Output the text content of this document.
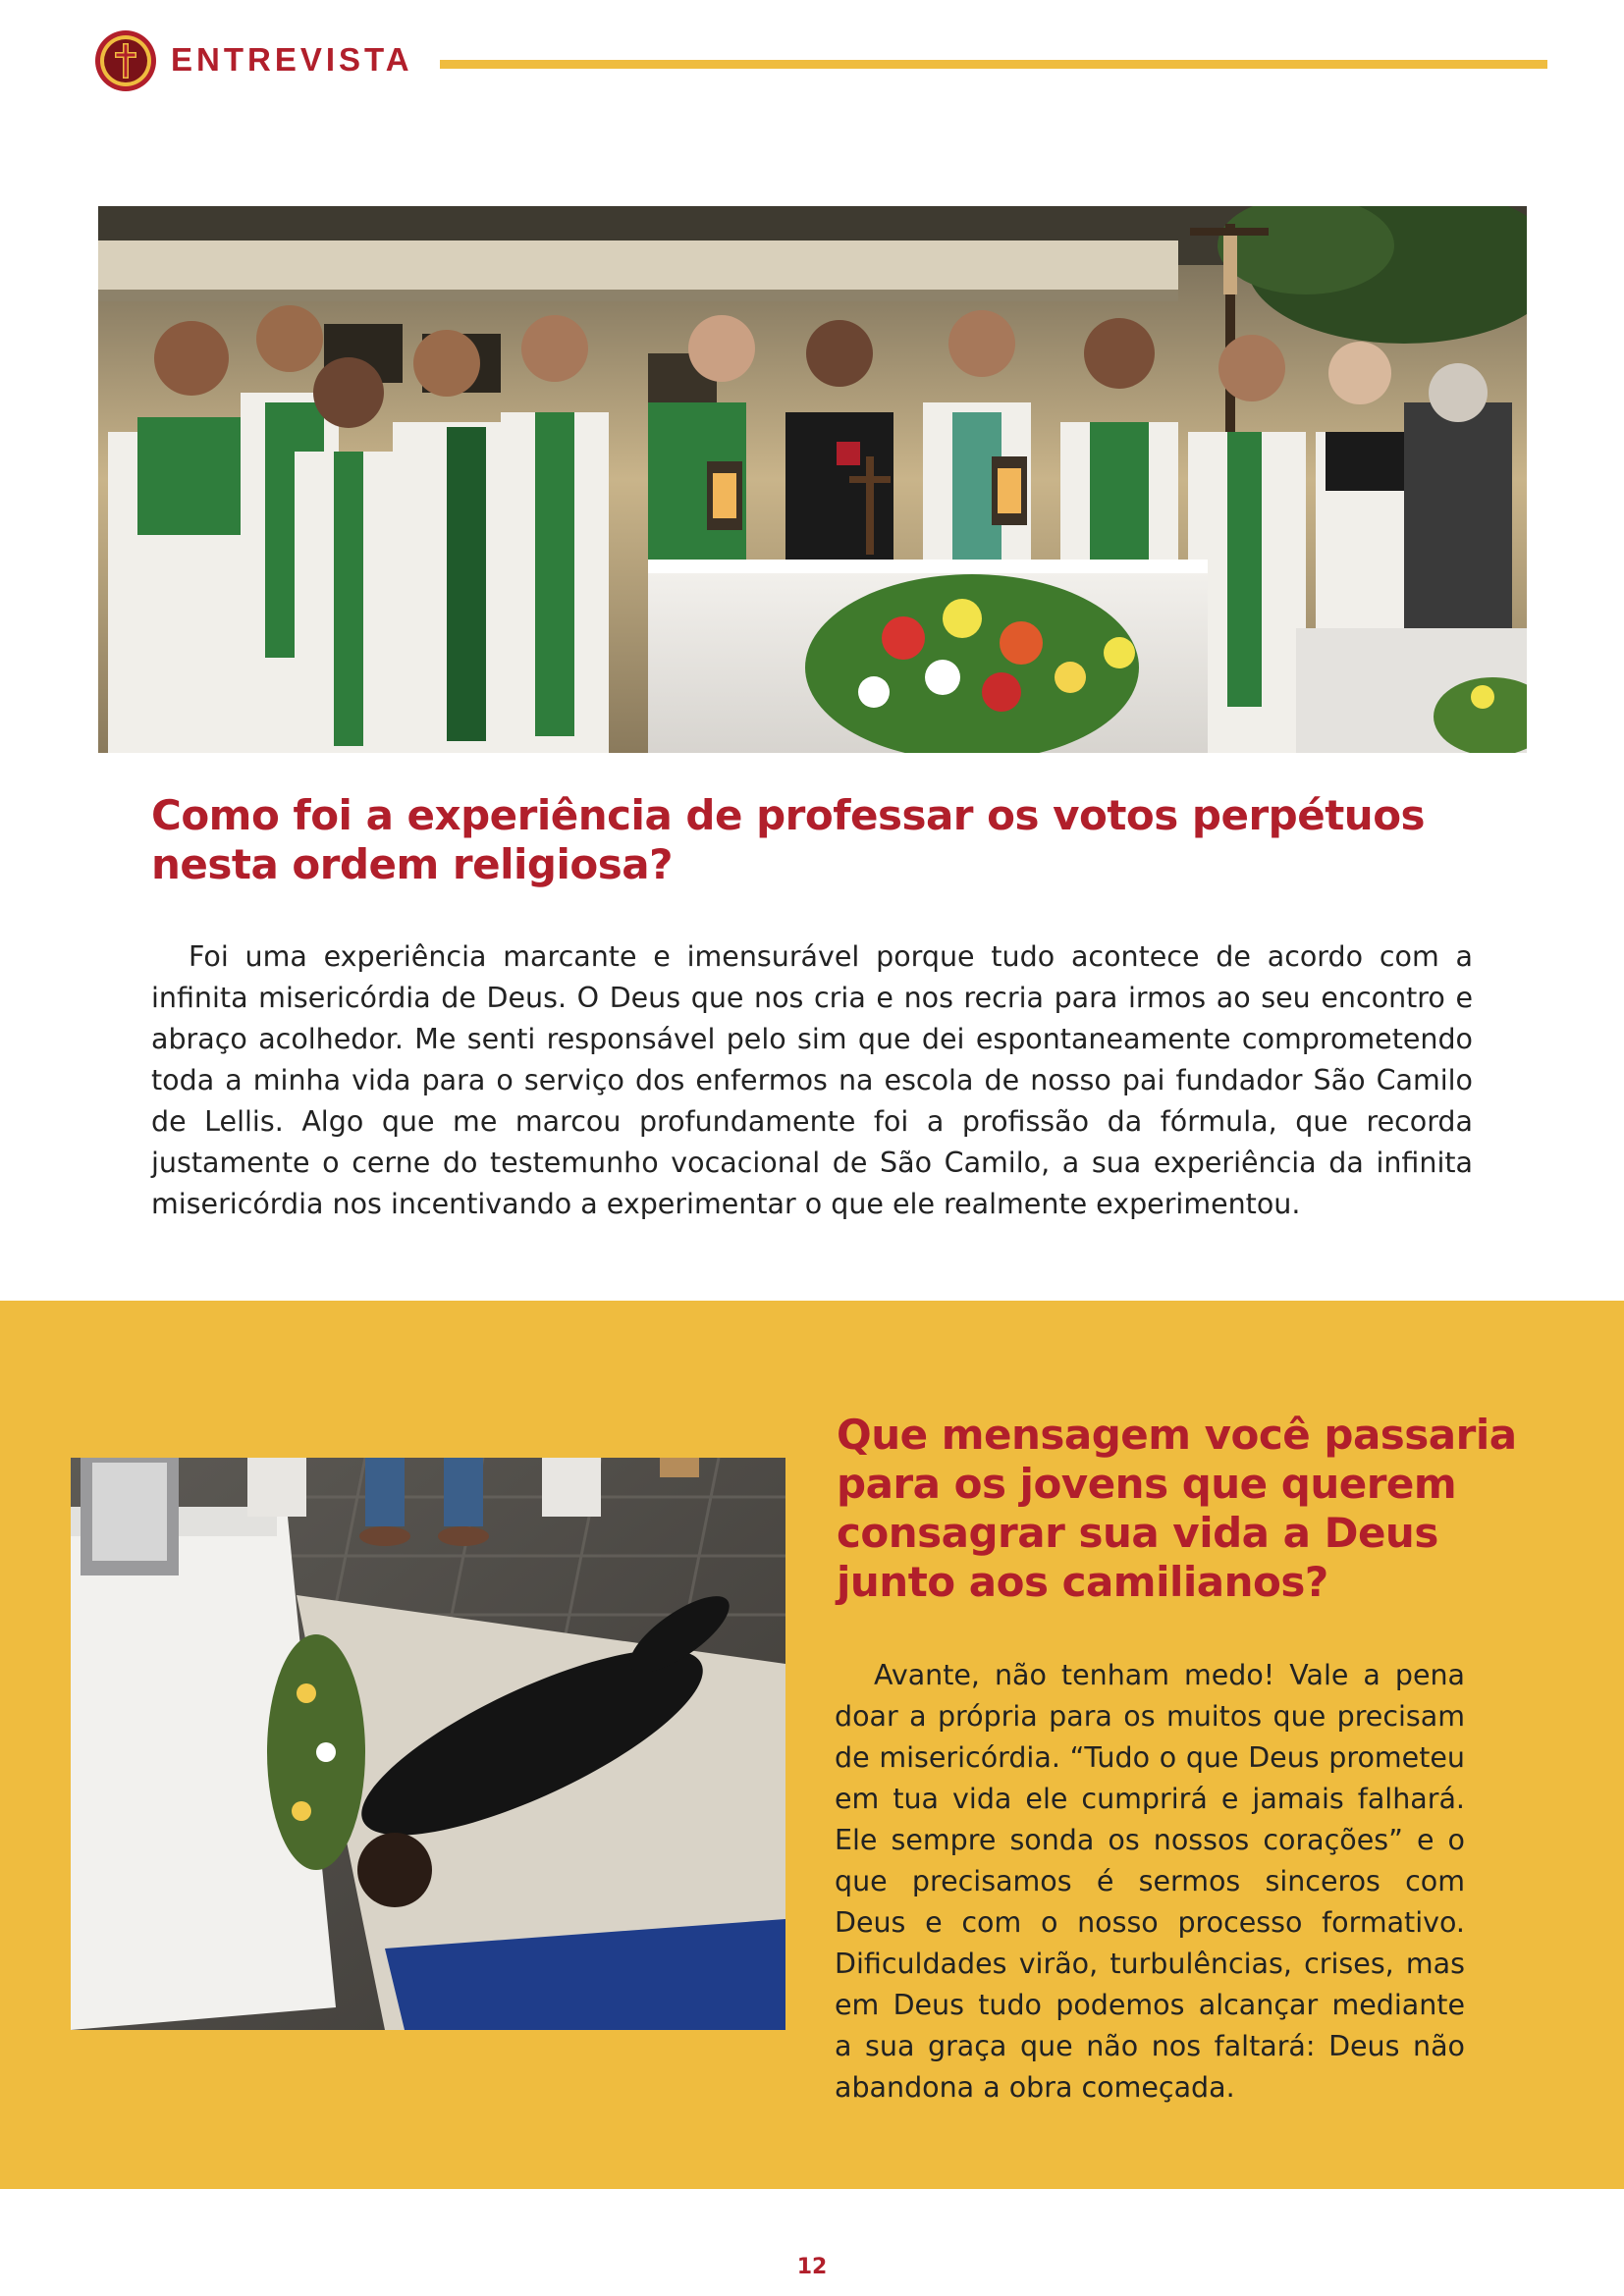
ENTREVISTA
Como foi a experiência de professar os votos perpétuos nesta ordem religiosa?

Foi uma experiência marcante e imensurável porque tudo acontece de acordo com a infinita misericórdia de Deus. O Deus que nos cria e nos recria para irmos ao seu encontro e abraço acolhedor. Me senti responsável pelo sim que dei espontaneamente comprometendo toda a minha vida para o serviço dos enfermos na escola de nosso pai fundador São Camilo de Lellis. Algo que me marcou profundamente foi a profissão da fórmula, que recorda justamente o cerne do testemunho vocacional de São Camilo, a sua experiência da infinita misericórdia nos incentivando a experimentar o que ele realmente experimentou.

Que mensagem você passaria para os jovens que querem consagrar sua vida a Deus junto aos camilianos?

Avante, não tenham medo! Vale a pena doar a própria para os muitos que precisam de misericórdia. “Tudo o que Deus prometeu em tua vida ele cumprirá e jamais falhará. Ele sempre sonda os nossos corações” e o que precisamos é sermos sinceros com Deus e com o nosso processo formativo. Dificuldades virão, turbulências, crises, mas em Deus tudo podemos alcançar mediante a sua graça que não nos faltará: Deus não abandona a obra começada.

12
